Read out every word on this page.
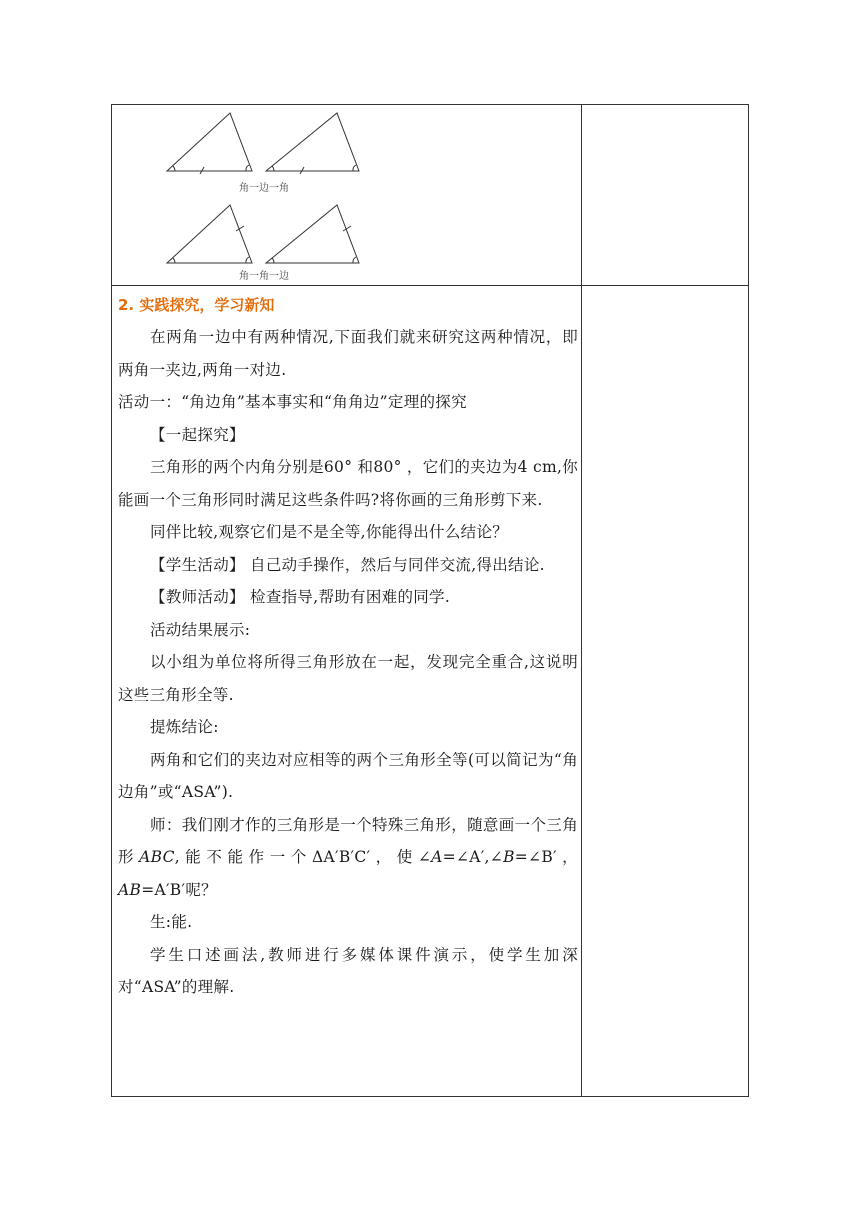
角一边一角
角一角一边
2. 实践探究，学习新知
在两角一边中有两种情况,下面我们就来研究这两种情况，即两角一夹边,两角一对边.
活动一：“角边角”基本事实和“角角边”定理的探究
【一起探究】
三角形的两个内角分别是60° 和80° ，它们的夹边为4 cm,你能画一个三角形同时满足这些条件吗?将你画的三角形剪下来.
同伴比较,观察它们是不是全等,你能得出什么结论？
【学生活动】 自己动手操作，然后与同伴交流,得出结论.
【教师活动】 检查指导,帮助有困难的同学.
活动结果展示:
以小组为单位将所得三角形放在一起，发现完全重合,这说明这些三角形全等.
提炼结论:
两角和它们的夹边对应相等的两个三角形全等(可以简记为“角边角”或“ASA”).
师：我们刚才作的三角形是一个特殊三角形，随意画一个三角形ABC,能不能作一个ΔA′B′C′，使∠A=∠A′,∠B=∠B′，AB=A′B′呢？
生:能.
学生口述画法,教师进行多媒体课件演示，使学生加深对“ASA”的理解.
